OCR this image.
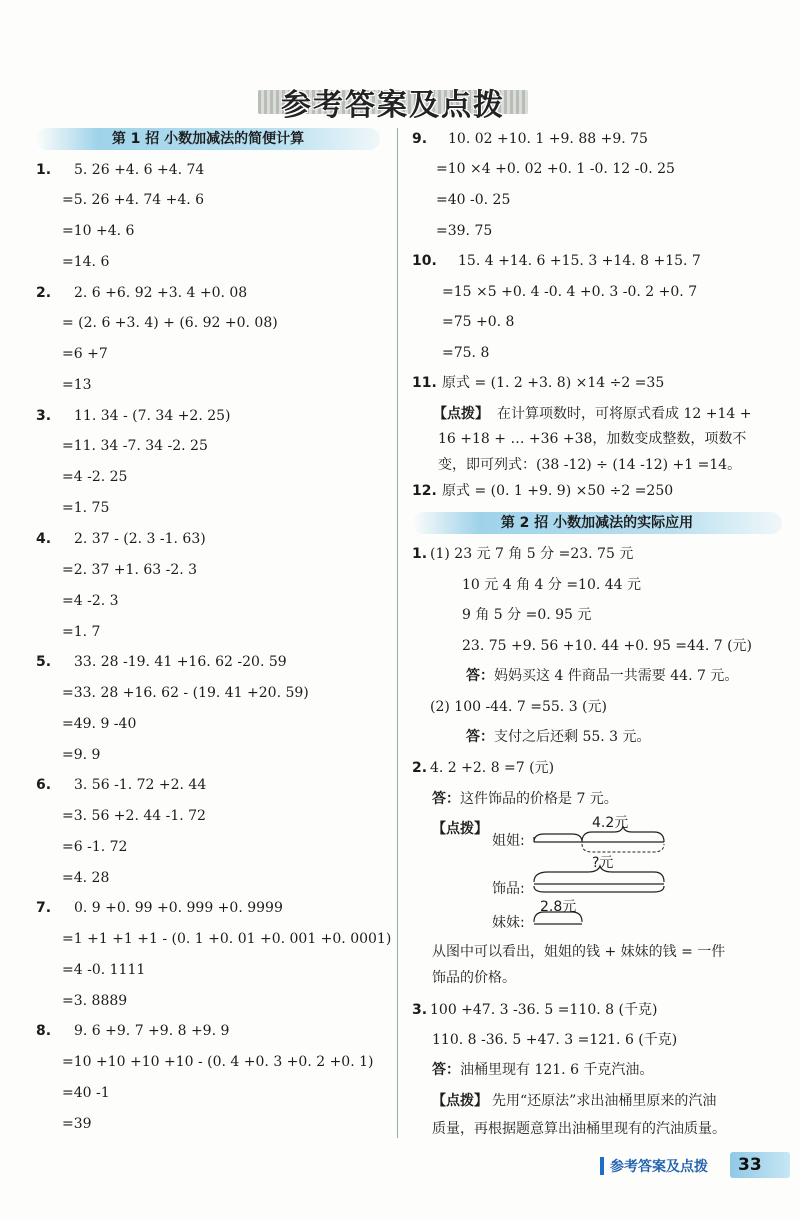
参考答案及点拨
第 1 招 小数加减法的简便计算
第 2 招 小数加减法的实际应用
1. 5. 26 +4. 6 +4. 74
=5. 26 +4. 74 +4. 6
=10 +4. 6
=14. 6
2. 2. 6 +6. 92 +3. 4 +0. 08
= (2. 6 +3. 4) + (6. 92 +0. 08)
=6 +7
=13
3. 11. 34 - (7. 34 +2. 25)
=11. 34 -7. 34 -2. 25
=4 -2. 25
=1. 75
4. 2. 37 - (2. 3 -1. 63)
=2. 37 +1. 63 -2. 3
=4 -2. 3
=1. 7
5. 33. 28 -19. 41 +16. 62 -20. 59
=33. 28 +16. 62 - (19. 41 +20. 59)
=49. 9 -40
=9. 9
6. 3. 56 -1. 72 +2. 44
=3. 56 +2. 44 -1. 72
=6 -1. 72
=4. 28
7. 0. 9 +0. 99 +0. 999 +0. 9999
=1 +1 +1 +1 - (0. 1 +0. 01 +0. 001 +0. 0001)
=4 -0. 1111
=3. 8889
8. 9. 6 +9. 7 +9. 8 +9. 9
=10 +10 +10 +10 - (0. 4 +0. 3 +0. 2 +0. 1)
=40 -1
=39
9. 10. 02 +10. 1 +9. 88 +9. 75
=10 ×4 +0. 02 +0. 1 -0. 12 -0. 25
=40 -0. 25
=39. 75
10. 15. 4 +14. 6 +15. 3 +14. 8 +15. 7
=15 ×5 +0. 4 -0. 4 +0. 3 -0. 2 +0. 7
=75 +0. 8
=75. 8
11. 原式 = (1. 2 +3. 8) ×14 ÷2 =35
【点拨】 在计算项数时，可将原式看成 12 +14 +
16 +18 + … +36 +38，加数变成整数，项数不
变，即可列式：(38 -12) ÷ (14 -12) +1 =14。
12. 原式 = (0. 1 +9. 9) ×50 ÷2 =250
1. (1) 23 元 7 角 5 分 =23. 75 元
10 元 4 角 4 分 =10. 44 元
9 角 5 分 =0. 95 元
23. 75 +9. 56 +10. 44 +0. 95 =44. 7 (元)
答： 妈妈买这 4 件商品一共需要 44. 7 元。
(2) 100 -44. 7 =55. 3 (元)
答： 支付之后还剩 55. 3 元。
2. 4. 2 +2. 8 =7 (元)
答： 这件饰品的价格是 7 元。
【点拨】
姐姐:
饰品:
妹妹:
4.2元
?元
2.8元
从图中可以看出，姐姐的钱 + 妹妹的钱 = 一件
饰品的价格。
3. 100 +47. 3 -36. 5 =110. 8 (千克)
110. 8 -36. 5 +47. 3 =121. 6 (千克)
答： 油桶里现有 121. 6 千克汽油。
【点拨】 先用“还原法”求出油桶里原来的汽油
质量，再根据题意算出油桶里现有的汽油质量。
参考答案及点拨	33
